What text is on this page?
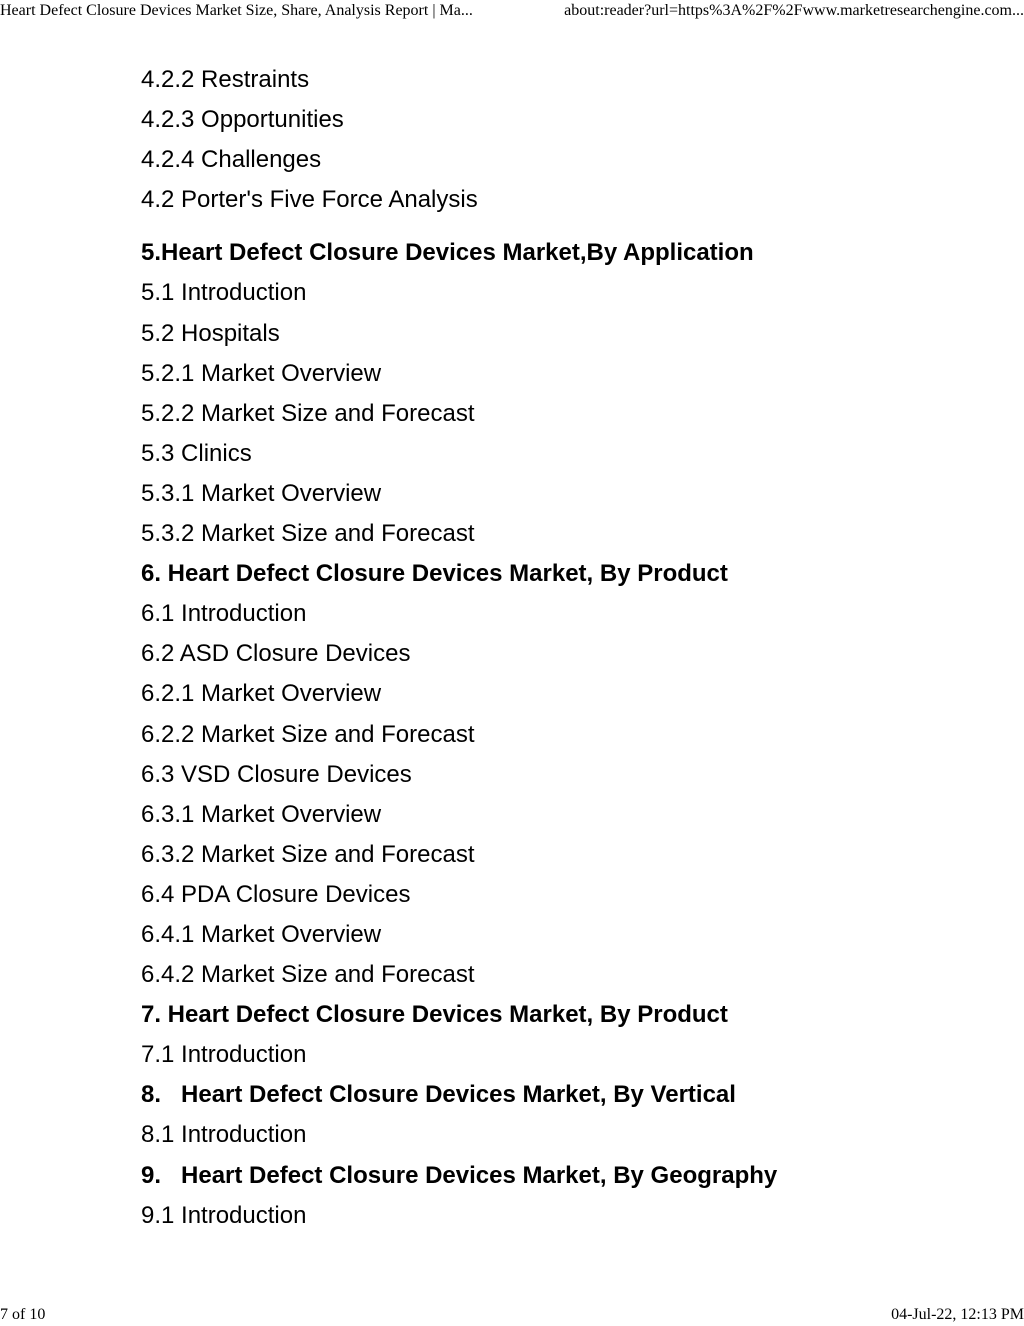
Heart Defect Closure Devices Market Size, Share, Analysis Report | Ma...	about:reader?url=https%3A%2F%2Fwww.marketresearchengine.com...
4.2.2 Restraints
4.2.3 Opportunities
4.2.4 Challenges
4.2 Porter's Five Force Analysis
5.Heart Defect Closure Devices Market,By Application
5.1 Introduction
5.2 Hospitals
5.2.1 Market Overview
5.2.2 Market Size and Forecast
5.3 Clinics
5.3.1 Market Overview
5.3.2 Market Size and Forecast
6. Heart Defect Closure Devices Market, By Product
6.1 Introduction
6.2 ASD Closure Devices
6.2.1 Market Overview
6.2.2 Market Size and Forecast
6.3 VSD Closure Devices
6.3.1 Market Overview
6.3.2 Market Size and Forecast
6.4 PDA Closure Devices
6.4.1 Market Overview
6.4.2 Market Size and Forecast
7. Heart Defect Closure Devices Market, By Product
7.1 Introduction
8.   Heart Defect Closure Devices Market, By Vertical
8.1 Introduction
9.   Heart Defect Closure Devices Market, By Geography
9.1 Introduction
7 of 10	04-Jul-22, 12:13 PM
